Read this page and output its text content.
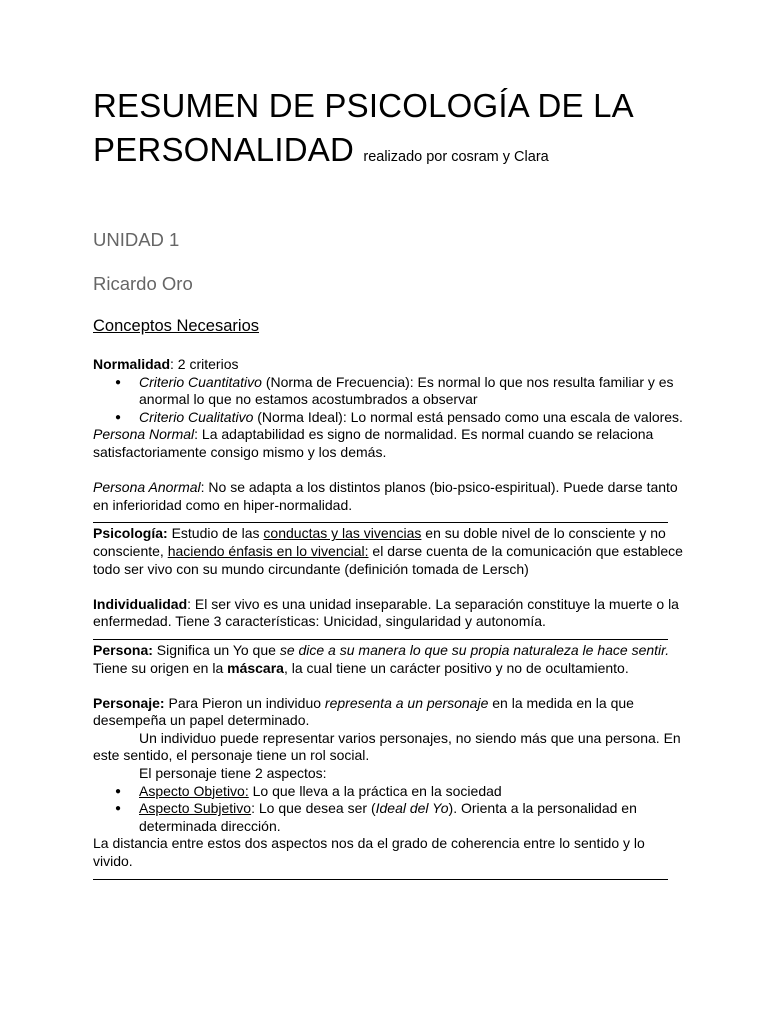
RESUMEN DE PSICOLOGÍA DE LA
PERSONALIDAD realizado por cosram y Clara
UNIDAD 1
Ricardo Oro
Conceptos Necesarios

Normalidad: 2 criterios

● Criterio Cuantitativo (Norma de Frecuencia): Es normal lo que nos resulta familiar y es anormal lo que no estamos acostumbrados a observar
● Criterio Cualitativo (Norma Ideal): Lo normal está pensado como una escala de valores.

Persona Normal: La adaptabilidad es signo de normalidad. Es normal cuando se relaciona satisfactoriamente consigo mismo y los demás.

Persona Anormal: No se adapta a los distintos planos (bio-psico-espiritual). Puede darse tanto en inferioridad como en hiper-normalidad.

Psicología: Estudio de las conductas y las vivencias en su doble nivel de lo consciente y no consciente, haciendo énfasis en lo vivencial: el darse cuenta de la comunicación que establece todo ser vivo con su mundo circundante (definición tomada de Lersch)

Individualidad: El ser vivo es una unidad inseparable. La separación constituye la muerte o la enfermedad. Tiene 3 características: Unicidad, singularidad y autonomía.

Persona: Significa un Yo que se dice a su manera lo que su propia naturaleza le hace sentir. Tiene su origen en la máscara, la cual tiene un carácter positivo y no de ocultamiento.

Personaje: Para Pieron un individuo representa a un personaje en la medida en la que desempeña un papel determinado.

Un individuo puede representar varios personajes, no siendo más que una persona. En este sentido, el personaje tiene un rol social.

El personaje tiene 2 aspectos:

● Aspecto Objetivo: Lo que lleva a la práctica en la sociedad
● Aspecto Subjetivo: Lo que desea ser (Ideal del Yo). Orienta a la personalidad en determinada dirección.

La distancia entre estos dos aspectos nos da el grado de coherencia entre lo sentido y lo vivido.
